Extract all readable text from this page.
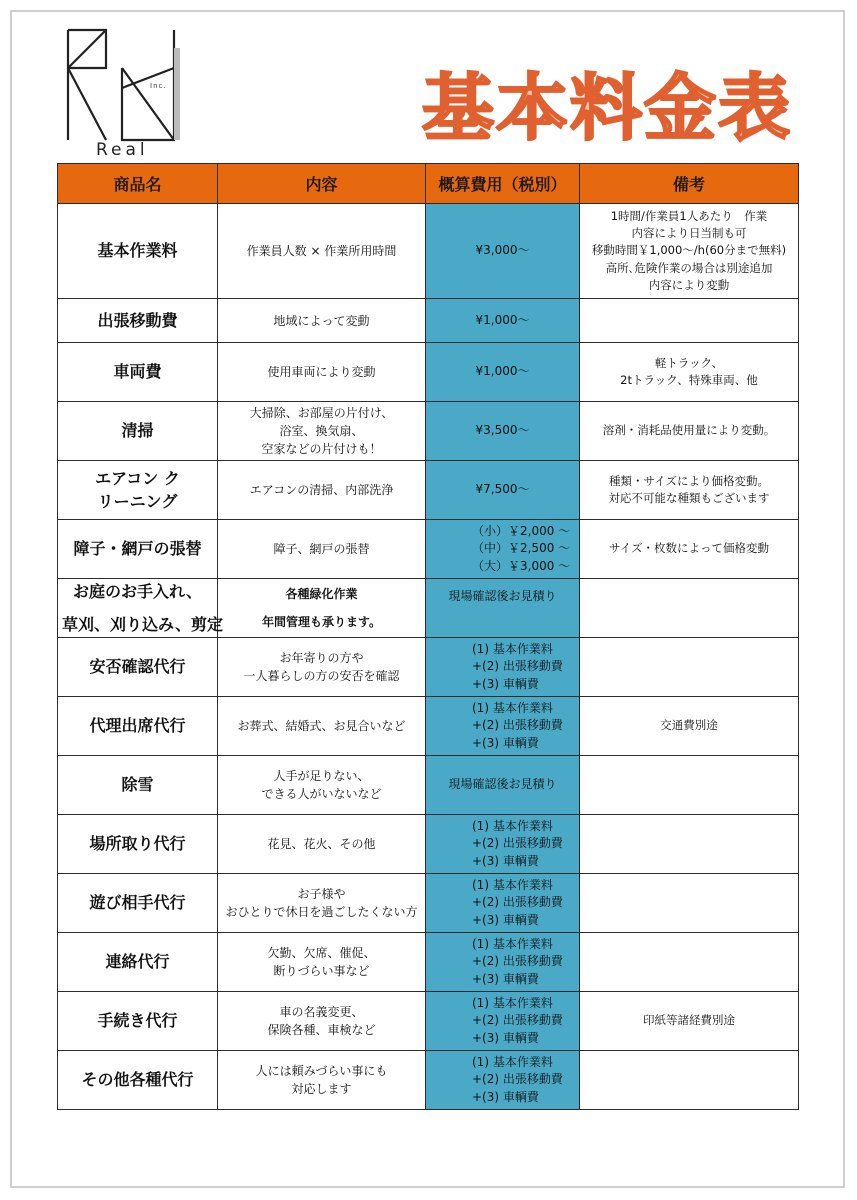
Inc.
Real	基本料金表
商品名	内容	概算費用（税別）	備考

基本作業料	作業員人数 × 作業所用時間	¥3,000〜	1時間/作業員1人あたり　作業
内容により日当制も可
移動時間￥1,000〜/h(60分まで無料)
高所､危険作業の場合は別途追加
内容により変動

出張移動費	地域によって変動	¥1,000〜	

車両費	使用車両により変動	¥1,000〜	軽トラック、
2tトラック、特殊車両、他

清掃	大掃除、お部屋の片付け、
浴室、換気扇、
空家などの片付けも！	¥3,500〜	溶剤・消耗品使用量により変動。

エアコン ク
リーニング	エアコンの清掃、内部洗浄	¥7,500〜	種類・サイズにより価格変動。
対応不可能な種類もございます

障子・網戸の張替	障子、網戸の張替	（小）￥2,000 〜
（中）￥2,500 〜
（大）￥3,000 〜	サイズ・枚数によって価格変動

お庭のお手入れ、
草刈、刈り込み、剪定	各種緑化作業
年間管理も承ります。	現場確認後お見積り	

安否確認代行	お年寄りの方や
一人暮らしの方の安否を確認	(1) 基本作業料
+(2) 出張移動費
+(3) 車輌費	

代理出席代行	お葬式、結婚式、お見合いなど	(1) 基本作業料
+(2) 出張移動費
+(3) 車輌費	交通費別途

除雪	人手が足りない、
できる人がいないなど	現場確認後お見積り	

場所取り代行	花見、花火、その他	(1) 基本作業料
+(2) 出張移動費
+(3) 車輌費	

遊び相手代行	お子様や
おひとりで休日を過ごしたくない方	(1) 基本作業料
+(2) 出張移動費
+(3) 車輌費	

連絡代行	欠勤、欠席、催促、
断りづらい事など	(1) 基本作業料
+(2) 出張移動費
+(3) 車輌費	

手続き代行	車の名義変更、
保険各種、車検など	(1) 基本作業料
+(2) 出張移動費
+(3) 車輌費	印紙等諸経費別途

その他各種代行	人には頼みづらい事にも
対応します	(1) 基本作業料
+(2) 出張移動費
+(3) 車輌費	
